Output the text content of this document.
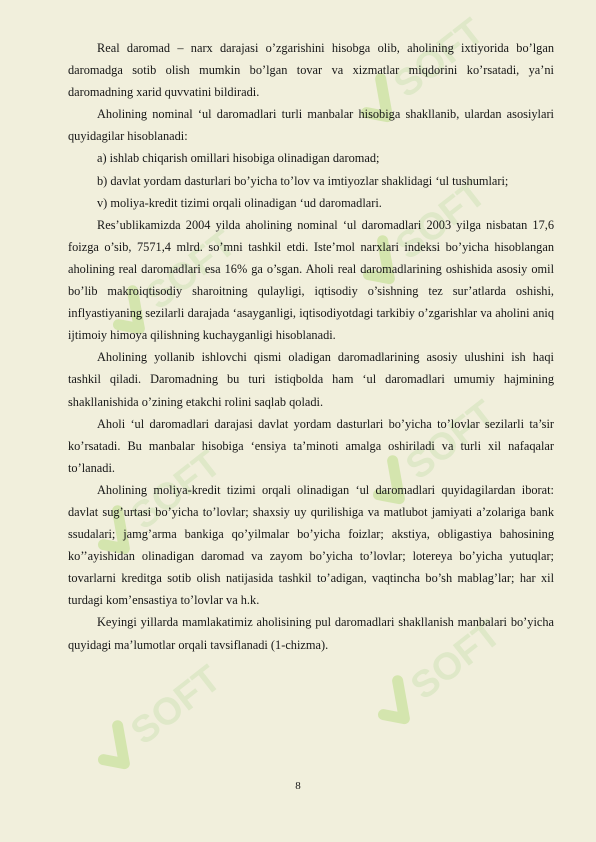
SOFT
SOFT
SOFT
SOFT
SOFT
SOFT
SOFT

Real daromad – narx darajasi o’zgarishini hisobga olib, aholining ixtiyorida bo’lgan daromadga sotib olish mumkin bo’lgan tovar va xizmatlar miqdorini ko’rsatadi, ya’ni daromadning xarid quvvatini bildiradi.

Aholining nominal ‘ul daromadlari turli manbalar hisobiga shakllanib, ulardan asosiylari quyidagilar hisoblanadi:

a) ishlab chiqarish omillari hisobiga olinadigan daromad;

b) davlat yordam dasturlari bo’yicha to’lov va imtiyozlar shaklidagi ‘ul tushumlari;

v) moliya-kredit tizimi orqali olinadigan ‘ud daromadlari.

Res’ublikamizda 2004 yilda aholining nominal ‘ul daromadlari 2003 yilga nisbatan 17,6 foizga o’sib, 7571,4 mlrd. so’mni tashkil etdi. Iste’mol narxlari indeksi bo’yicha hisoblangan aholining real daromadlari esa 16% ga o’sgan. Aholi real daromadlarining oshishida asosiy omil bo’lib makroiqtisodiy sharoitning qulayligi, iqtisodiy o’sishning tez sur’atlarda oshishi, inflyastiyaning sezilarli darajada ‘asayganligi, iqtisodiyotdagi tarkibiy o’zgarishlar va aholini aniq ijtimoiy himoya qilishning kuchayganligi hisoblanadi.

Aholining yollanib ishlovchi qismi oladigan daromadlarining asosiy ulushini ish haqi tashkil qiladi. Daromadning bu turi istiqbolda ham ‘ul daromadlari umumiy hajmining shakllanishida o’zining etakchi rolini saqlab qoladi.

Aholi ‘ul daromadlari darajasi davlat yordam dasturlari bo’yicha to’lovlar sezilarli ta’sir ko’rsatadi. Bu manbalar hisobiga ‘ensiya ta’minoti amalga oshiriladi va turli xil nafaqalar to’lanadi.

Aholining moliya-kredit tizimi orqali olinadigan ‘ul daromadlari quyidagilardan iborat: davlat sug’urtasi bo’yicha to’lovlar; shaxsiy uy qurilishiga va matlubot jamiyati a’zolariga bank ssudalari; jamg’arma bankiga qo’yilmalar bo’yicha foizlar; akstiya, obligastiya bahosining ko’’ayishidan olinadigan daromad va zayom bo’yicha to’lovlar; lotereya bo’yicha yutuqlar; tovarlarni kreditga sotib olish natijasida tashkil to’adigan, vaqtincha bo’sh mablag’lar; har xil turdagi kom’ensastiya to’lovlar va h.k.

Keyingi yillarda mamlakatimiz aholisining pul daromadlari shakllanish manbalari bo’yicha quyidagi ma’lumotlar orqali tavsiflanadi (1-chizma).

8
